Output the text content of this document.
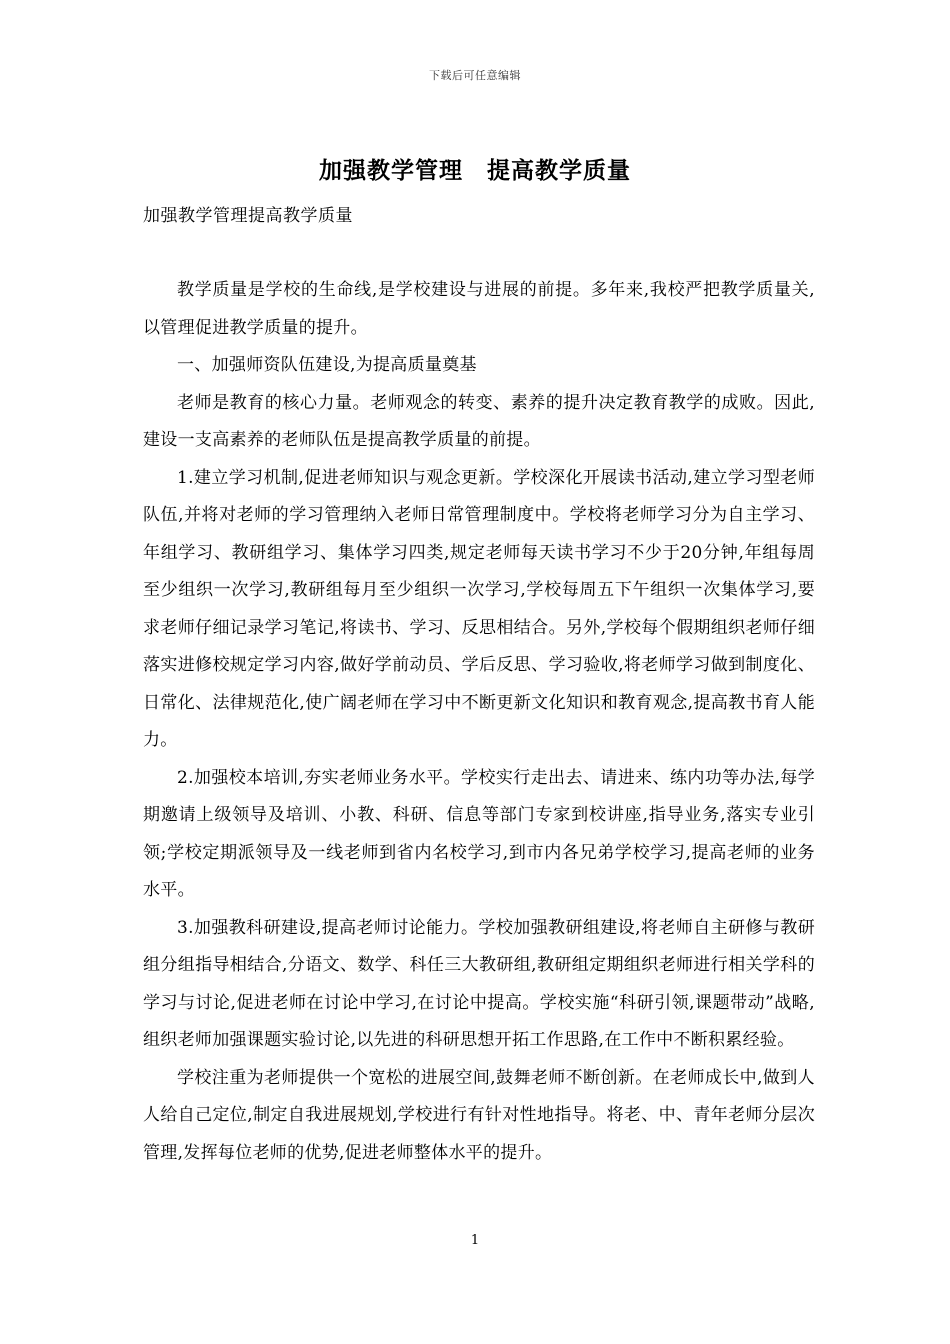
下载后可任意编辑
加强教学管理　提高教学质量
加强教学管理提高教学质量

教学质量是学校的生命线,是学校建设与进展的前提。多年来,我校严把教学质量关,以管理促进教学质量的提升。

一、加强师资队伍建设,为提高质量奠基

老师是教育的核心力量。老师观念的转变、素养的提升决定教育教学的成败。因此,建设一支高素养的老师队伍是提高教学质量的前提。

1.建立学习机制,促进老师知识与观念更新。学校深化开展读书活动,建立学习型老师队伍,并将对老师的学习管理纳入老师日常管理制度中。学校将老师学习分为自主学习、年组学习、教研组学习、集体学习四类,规定老师每天读书学习不少于20分钟,年组每周至少组织一次学习,教研组每月至少组织一次学习,学校每周五下午组织一次集体学习,要求老师仔细记录学习笔记,将读书、学习、反思相结合。另外,学校每个假期组织老师仔细落实进修校规定学习内容,做好学前动员、学后反思、学习验收,将老师学习做到制度化、日常化、法律规范化,使广阔老师在学习中不断更新文化知识和教育观念,提高教书育人能力。

2.加强校本培训,夯实老师业务水平。学校实行走出去、请进来、练内功等办法,每学期邀请上级领导及培训、小教、科研、信息等部门专家到校讲座,指导业务,落实专业引领;学校定期派领导及一线老师到省内名校学习,到市内各兄弟学校学习,提高老师的业务水平。

3.加强教科研建设,提高老师讨论能力。学校加强教研组建设,将老师自主研修与教研组分组指导相结合,分语文、数学、科任三大教研组,教研组定期组织老师进行相关学科的学习与讨论,促进老师在讨论中学习,在讨论中提高。学校实施“科研引领,课题带动”战略,组织老师加强课题实验讨论,以先进的科研思想开拓工作思路,在工作中不断积累经验。

学校注重为老师提供一个宽松的进展空间,鼓舞老师不断创新。在老师成长中,做到人人给自己定位,制定自我进展规划,学校进行有针对性地指导。将老、中、青年老师分层次管理,发挥每位老师的优势,促进老师整体水平的提升。

1
